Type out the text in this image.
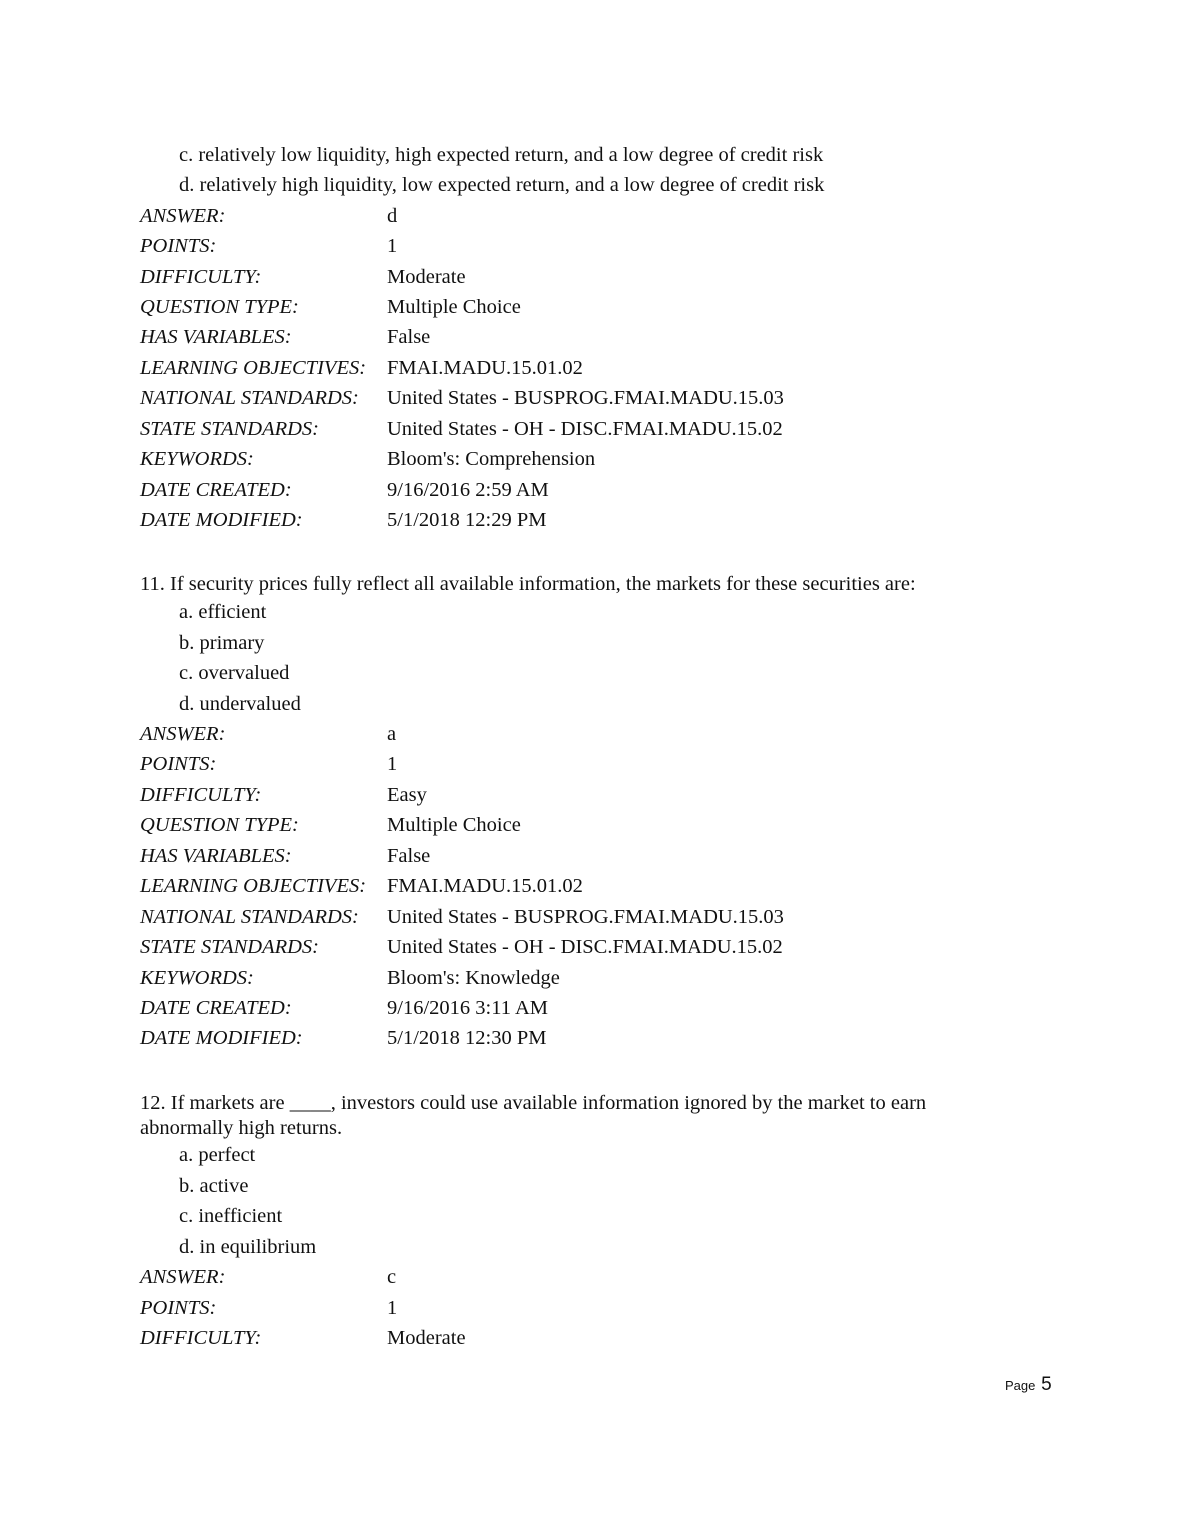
c. relatively low liquidity, high expected return, and a low degree of credit risk
d. relatively high liquidity, low expected return, and a low degree of credit risk
ANSWER:	d
POINTS:	1
DIFFICULTY:	Moderate
QUESTION TYPE:	Multiple Choice
HAS VARIABLES:	False
LEARNING OBJECTIVES: FMAI.MADU.15.01.02
NATIONAL STANDARDS: United States - BUSPROG.FMAI.MADU.15.03
STATE STANDARDS:	United States - OH - DISC.FMAI.MADU.15.02
KEYWORDS:	Bloom's: Comprehension
DATE CREATED:	9/16/2016 2:59 AM
DATE MODIFIED:	5/1/2018 12:29 PM
11. If security prices fully reflect all available information, the markets for these securities are:
a. efficient
b. primary
c. overvalued
d. undervalued
ANSWER:	a
POINTS:	1
DIFFICULTY:	Easy
QUESTION TYPE:	Multiple Choice
HAS VARIABLES:	False
LEARNING OBJECTIVES: FMAI.MADU.15.01.02
NATIONAL STANDARDS: United States - BUSPROG.FMAI.MADU.15.03
STATE STANDARDS:	United States - OH - DISC.FMAI.MADU.15.02
KEYWORDS:	Bloom's: Knowledge
DATE CREATED:	9/16/2016 3:11 AM
DATE MODIFIED:	5/1/2018 12:30 PM
12. If markets are ____, investors could use available information ignored by the market to earn abnormally high returns.
a. perfect
b. active
c. inefficient
d. in equilibrium
ANSWER:	c
POINTS:	1
DIFFICULTY:	Moderate
Page 5
